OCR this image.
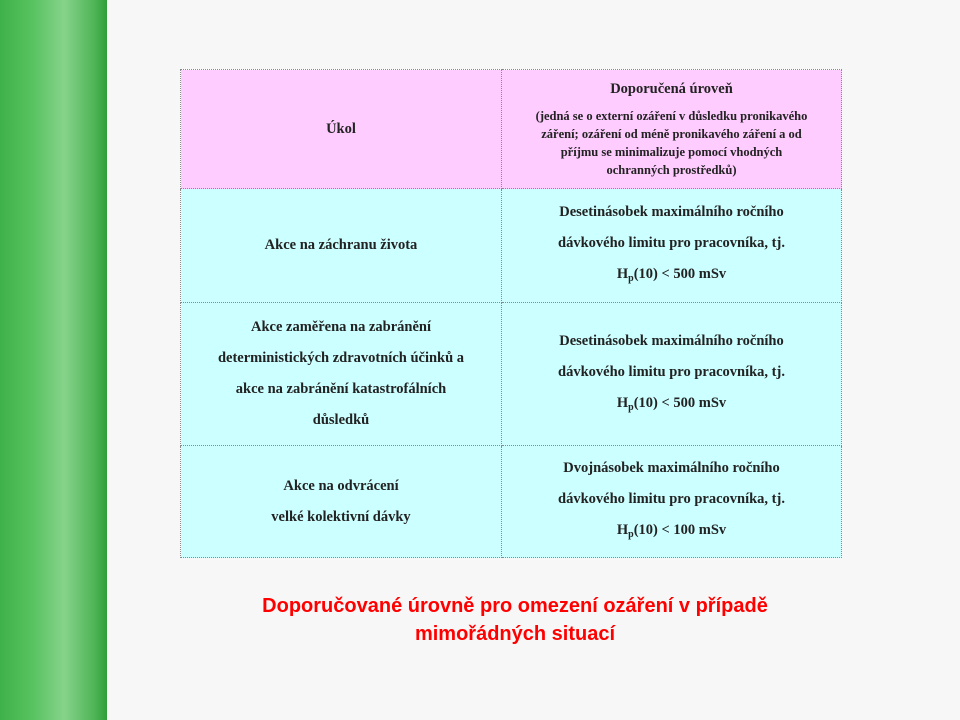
Úkol	Doporučená úroveň
(jedná se o externí ozáření v důsledku pronikavého
záření; ozáření od méně pronikavého záření a od
příjmu se minimalizuje pomocí vhodných
ochranných prostředků)

Akce na záchranu života	Desetinásobek maximálního ročního
dávkového limitu pro pracovníka, tj.
$H_p(10) < 500$ mSv

Akce zaměřena na zabránění
deterministických zdravotních účinků a
akce na zabránění katastrofálních
důsledků	Desetinásobek maximálního ročního
dávkového limitu pro pracovníka, tj.
$H_p(10) < 500$ mSv

Akce na odvrácení
velké kolektivní dávky	Dvojnásobek maximálního ročního
dávkového limitu pro pracovníka, tj.
$H_p(10) < 100$ mSv
Doporučované úrovně pro omezení ozáření v případě
mimořádných situací
